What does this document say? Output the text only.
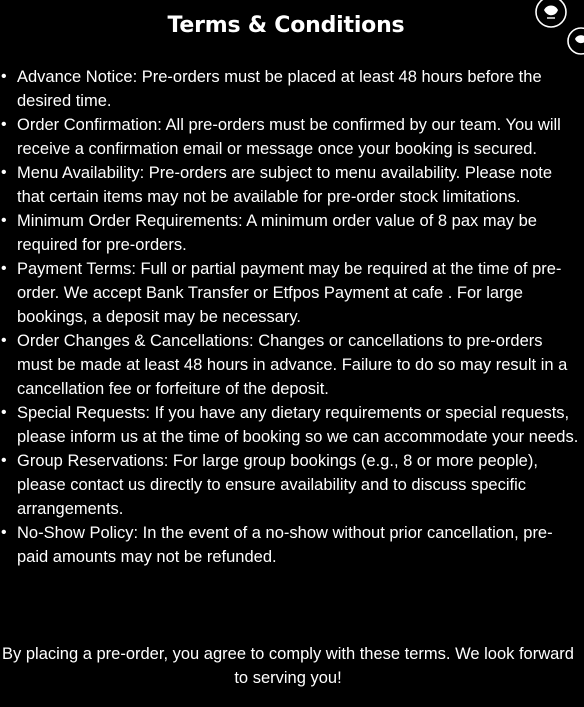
Terms & Conditions
• Advance Notice: Pre-orders must be placed at least 48 hours before the desired time.
• Order Confirmation: All pre-orders must be confirmed by our team. You will receive a confirmation email or message once your booking is secured.
• Menu Availability: Pre-orders are subject to menu availability. Please note that certain items may not be available for pre-order stock limitations.
• Minimum Order Requirements: A minimum order value of 8 pax may be required for pre-orders.
• Payment Terms: Full or partial payment may be required at the time of pre-order. We accept Bank Transfer or Etfpos Payment at cafe . For large bookings, a deposit may be necessary.
• Order Changes & Cancellations: Changes or cancellations to pre-orders must be made at least 48 hours in advance. Failure to do so may result in a cancellation fee or forfeiture of the deposit.
• Special Requests: If you have any dietary requirements or special requests, please inform us at the time of booking so we can accommodate your needs.
• Group Reservations: For large group bookings (e.g., 8 or more people), please contact us directly to ensure availability and to discuss specific arrangements.
• No-Show Policy: In the event of a no-show without prior cancellation, pre-paid amounts may not be refunded.

By placing a pre-order, you agree to comply with these terms. We look forward to serving you!
